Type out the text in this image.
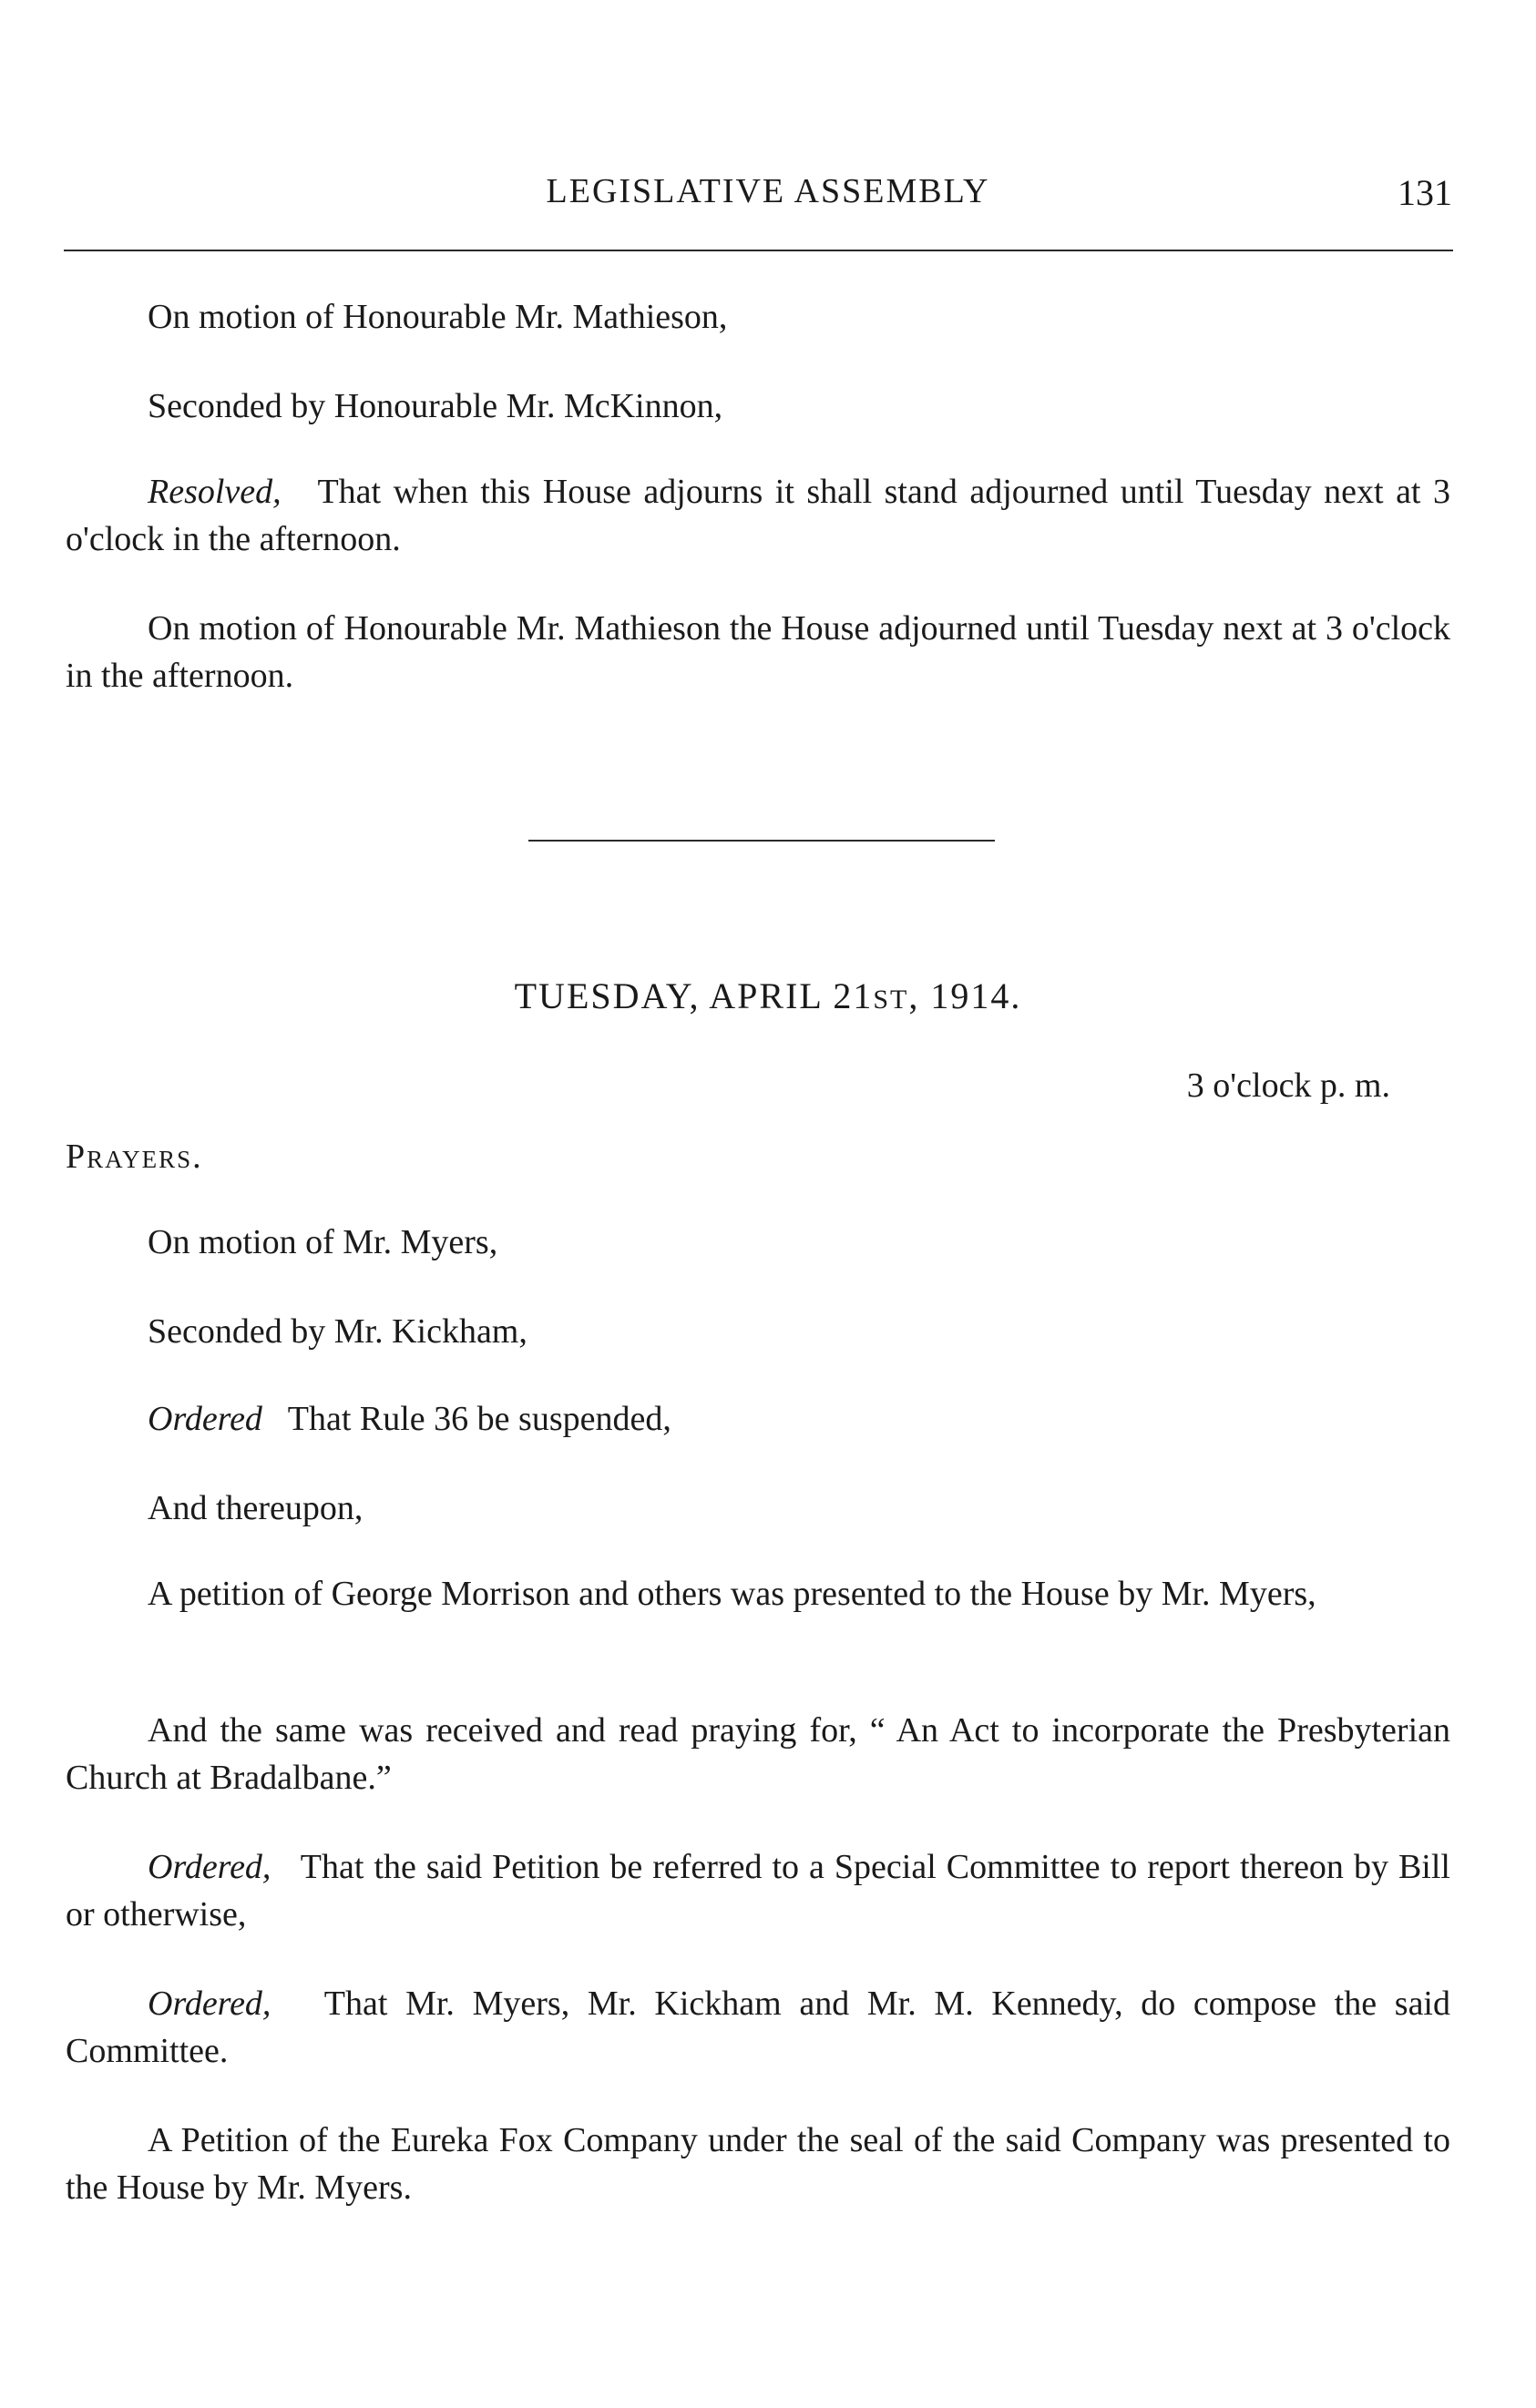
LEGISLATIVE ASSEMBLY	131
On motion of Honourable Mr. Mathieson,
Seconded by Honourable Mr. McKinnon,
Resolved, That when this House adjourns it shall stand adjourned until Tuesday next at 3 o'clock in the afternoon.
On motion of Honourable Mr. Mathieson the House adjourned until Tuesday next at 3 o'clock in the afternoon.
TUESDAY, APRIL 21ST, 1914.
3 o'clock p. m.
Prayers.
On motion of Mr. Myers,
Seconded by Mr. Kickham,
Ordered That Rule 36 be suspended,
And thereupon,
A petition of George Morrison and others was presented to the House by Mr. Myers,
And the same was received and read praying for, “ An Act to incorporate the Presbyterian Church at Bradalbane.”
Ordered, That the said Petition be referred to a Special Committee to report thereon by Bill or otherwise,
Ordered, That Mr. Myers, Mr. Kickham and Mr. M. Kennedy, do compose the said Committee.
A Petition of the Eureka Fox Company under the seal of the said Company was presented to the House by Mr. Myers.
